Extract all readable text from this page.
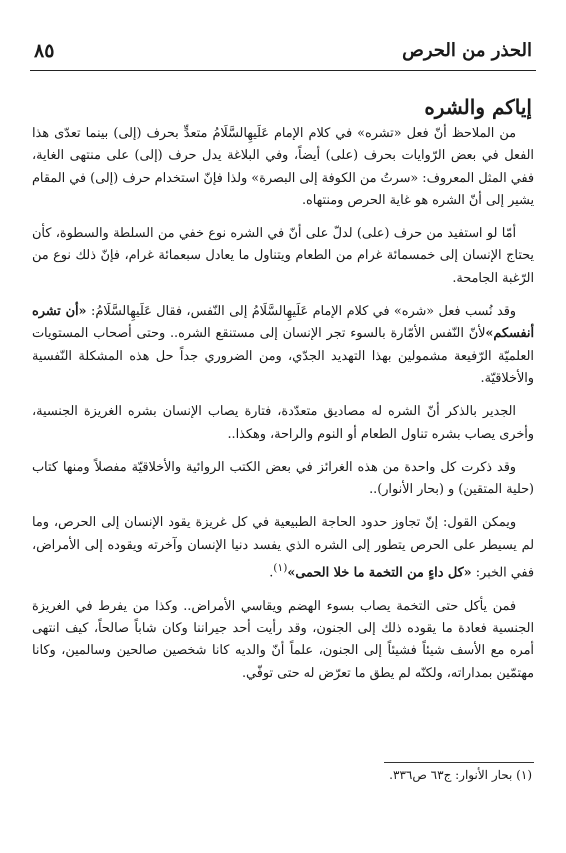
٨٥	الحذر من الحرص
إياكم والشره

من الملاحظ أنّ فعل «تشره» في كلام الإمام عَلَيهِالسَّلَامُ متعدٍّ بحرف (إلى) بينما تعدّى هذا الفعل في بعض الرّوايات بحرف (على) أيضاً، وفي البلاغة يدل حرف (إلى) على منتهى الغاية، ففي المثل المعروف: «سرتُ من الكوفة إلى البصرة» ولذا فإنّ استخدام حرف (إلى) في المقام يشير إلى أنّ الشره هو غاية الحرص ومنتهاه.

أمّا لو استفيد من حرف (على) لدلّ على أنّ في الشره نوع خفي من السلطة والسطوة، كأن يحتاج الإنسان إلى خمسمائة غرام من الطعام ويتناول ما يعادل سبعمائة غرام، فإنّ ذلك نوع من الرّغبة الجامحة.

وقد نُسب فعل «شره» في كلام الإمام عَلَيهِالسَّلَامُ إلى النّفس، فقال عَلَيهِالسَّلَامُ: «أن تشره أنفسكم»لأنّ النّفس الأمّارة بالسوء تجر الإنسان إلى مستنقع الشره.. وحتى أصحاب المستويات العلميّة الرّفيعة مشمولين بهذا التهديد الجدّي، ومن الضروري جداً حل هذه المشكلة النّفسية والأخلاقيّة.

الجدير بالذكر أنّ الشره له مصاديق متعدّدة، فتارة يصاب الإنسان بشره الغريزة الجنسية، وأخرى يصاب بشره تناول الطعام أو النوم والراحة، وهكذا..

وقد ذكرت كل واحدة من هذه الغرائز في بعض الكتب الروائية والأخلاقيّة مفصلاً ومنها كتاب (حلية المتقين) و (بحار الأنوار)..

ويمكن القول: إنّ تجاوز حدود الحاجة الطبيعية في كل غريزة يقود الإنسان إلى الحرص، وما لم يسيطر على الحرص يتطور إلى الشره الذي يفسد دنيا الإنسان وآخرته ويقوده إلى الأمراض، ففي الخبر: «كل داءٍ من التخمة ما خلا الحمى»$^{(١)}$.

فمن يأكل حتى التخمة يصاب بسوء الهضم ويقاسي الأمراض.. وكذا من يفرط في الغريزة الجنسية فعادة ما يقوده ذلك إلى الجنون، وقد رأيت أحد جيراننا وكان شاباً صالحاً، كيف انتهى أمره مع الأسف شيئاً فشيئاً إلى الجنون، علماً أنّ والديه كانا شخصين صالحين وسالمين، وكانا مهتمّين بمداراته، ولكنّه لم يطق ما تعرّض له حتى توفّي.

(١) بحار الأنوار: ج٦٣ ص٣٣٦.
